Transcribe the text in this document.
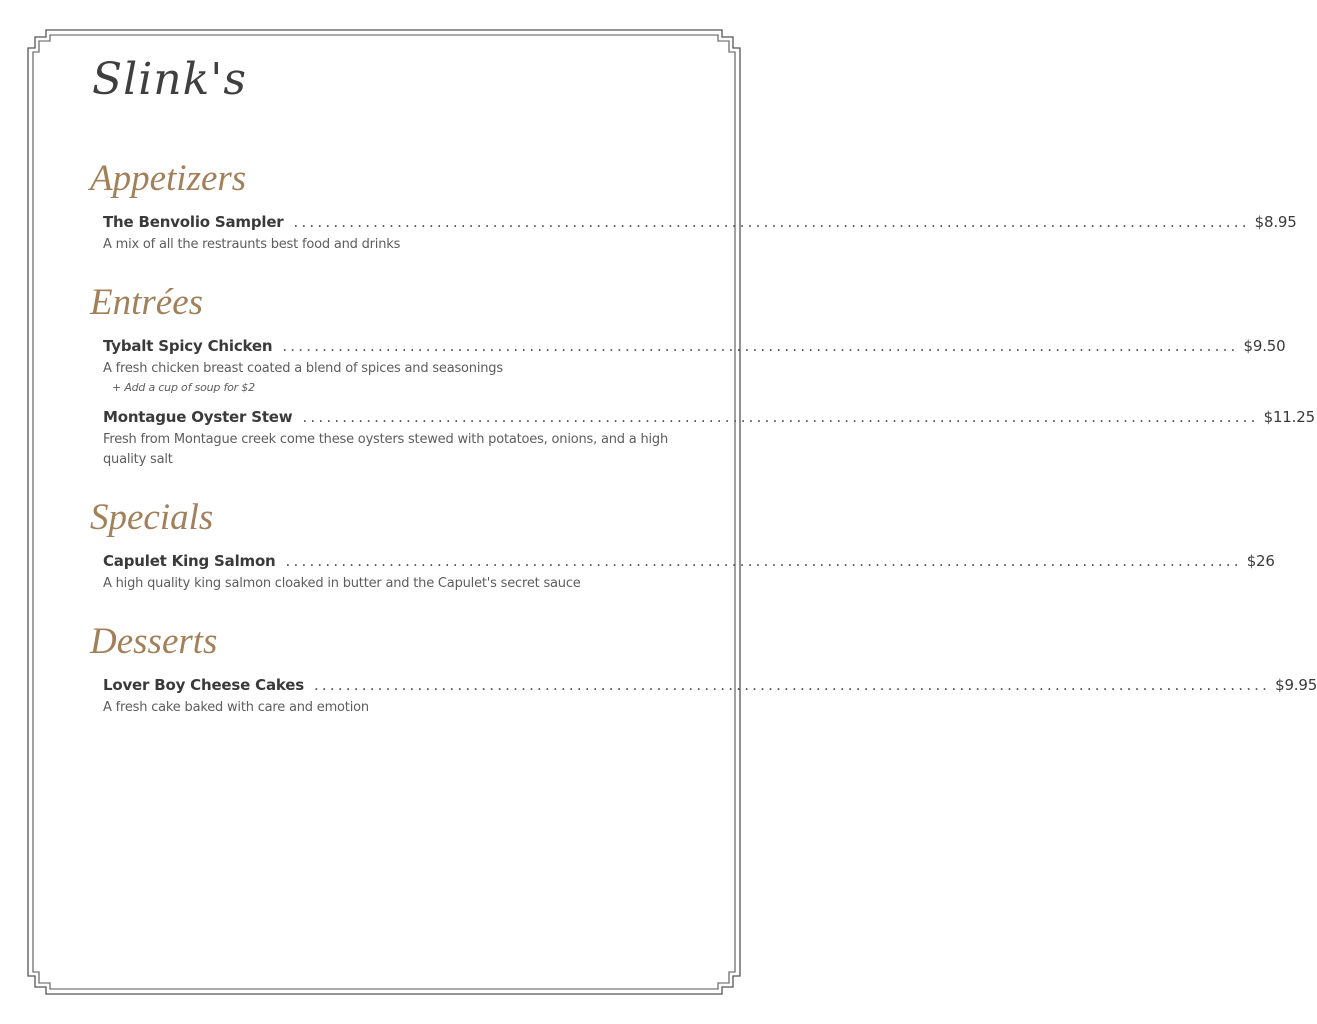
Slink's
Appetizers
The Benvolio Sampler ........................................................................................................................ $8.95
A mix of all the restraunts best food and drinks
Entrées
Tybalt Spicy Chicken ........................................................................................................................ $9.50
A fresh chicken breast coated a blend of spices and seasonings
+ Add a cup of soup for $2
Montague Oyster Stew ........................................................................................................................ $11.25
Fresh from Montague creek come these oysters stewed with potatoes, onions, and a high quality salt
Specials
Capulet King Salmon ........................................................................................................................ $26
A high quality king salmon cloaked in butter and the Capulet's secret sauce
Desserts
Lover Boy Cheese Cakes ........................................................................................................................ $9.95
A fresh cake baked with care and emotion
